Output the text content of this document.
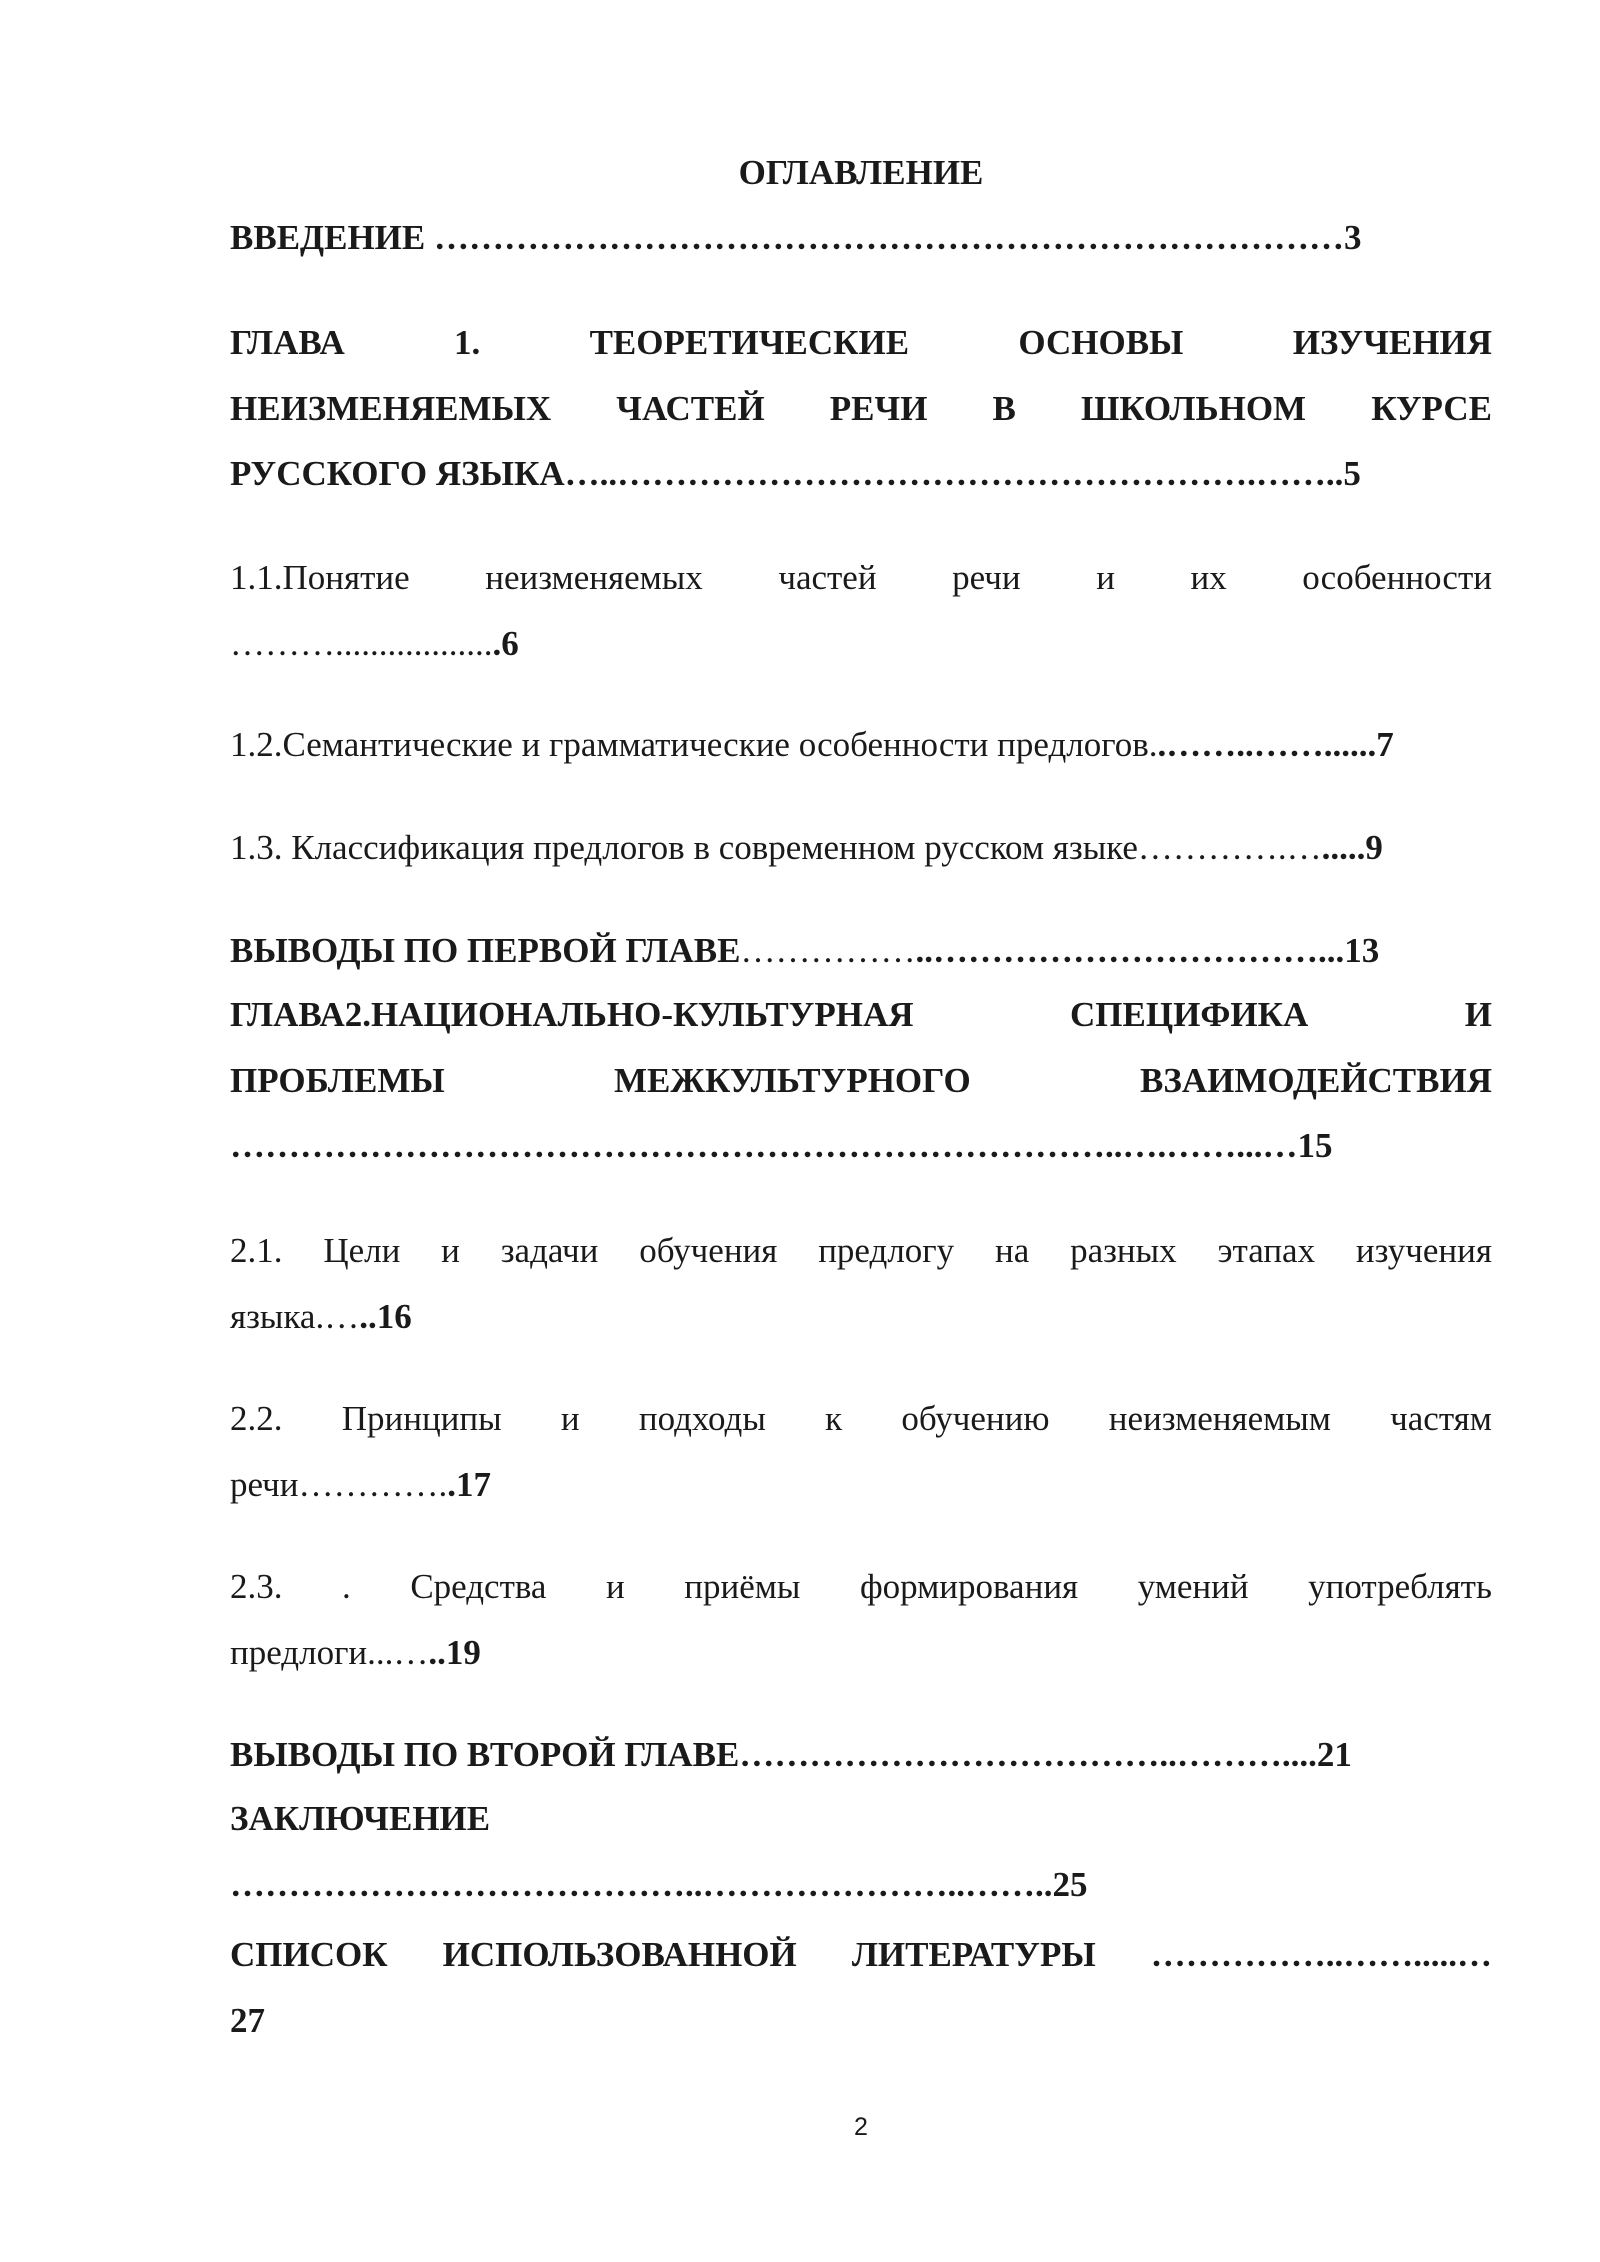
ОГЛАВЛЕНИЕ
ВВЕДЕНИЕ ……………………………………………………………………3
ГЛАВА	1.	ТЕОРЕТИЧЕСКИЕ	ОСНОВЫ	ИЗУЧЕНИЯ
НЕИЗМЕНЯЕМЫХ ЧАСТЕЙ РЕЧИ В ШКОЛЬНОМ КУРСЕ
РУССКОГО ЯЗЫКА…..……………………………………………….……..5
1.1.Понятие неизменяемых частей речи и их особенности
………...................6
1.2.Семантические и грамматические особенности предлогов..……..……......7
1.3. Классификация предлогов в современном русском языке………….….....9
ВЫВОДЫ ПО ПЕРВОЙ ГЛАВЕ……………..……………………………...13
ГЛАВА2.НАЦИОНАЛЬНО-КУЛЬТУРНАЯ	СПЕЦИФИКА	И
ПРОБЛЕМЫ	МЕЖКУЛЬТУРНОГО	ВЗАИМОДЕЙСТВИЯ
…………………………………………………………………..….……...…15
2.1. Цели и задачи обучения предлогу на разных этапах изучения
языка.…..16
2.2. Принципы и подходы к обучению неизменяемым частям
речи…………..17
2.3. . Средства и приёмы формирования умений употреблять
предлоги...…..19
ВЫВОДЫ ПО ВТОРОЙ ГЛАВЕ………………………………..………....21
ЗАКЛЮЧЕНИЕ
…………………………………..…………………..……..25
СПИСОК ИСПОЛЬЗОВАННОЙ ЛИТЕРАТУРЫ ……………..…….....…
27
2
